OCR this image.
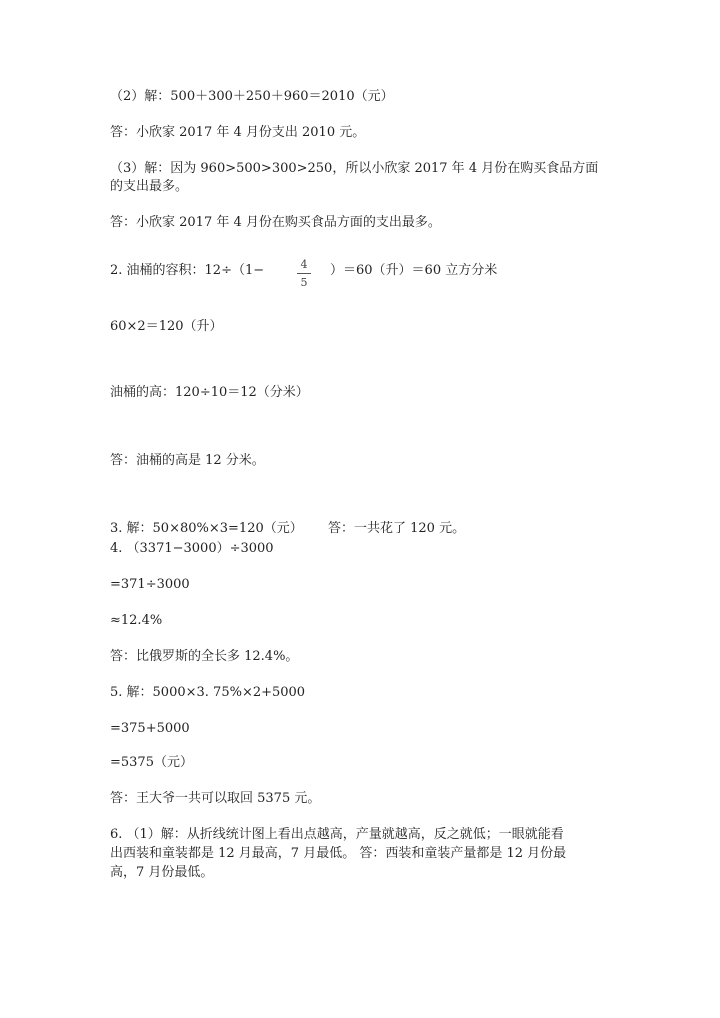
（2）解：500＋300＋250＋960＝2010（元）
答：小欣家 2017 年 4 月份支出 2010 元。
（3）解：因为 960>500>300>250，所以小欣家 2017 年 4 月份在购买食品方面
的支出最多。
答：小欣家 2017 年 4 月份在购买食品方面的支出最多。
2. 油桶的容积：12÷（1−	4
5
）＝60（升）＝60 立方分米
60×2＝120（升）
油桶的高：120÷10＝12（分米）
答：油桶的高是 12 分米。
3. 解：50×80%×3=120（元） 答：一共花了 120 元。
4. （3371−3000）÷3000
=371÷3000
≈12.4%
答：比俄罗斯的全长多 12.4%。
5. 解：5000×3. 75%×2+5000
=375+5000
=5375（元）
答：王大爷一共可以取回 5375 元。
6. （1）解：从折线统计图上看出点越高，产量就越高，反之就低；一眼就能看
出西装和童装都是 12 月最高，7 月最低。 答：西装和童装产量都是 12 月份最
高，7 月份最低。
